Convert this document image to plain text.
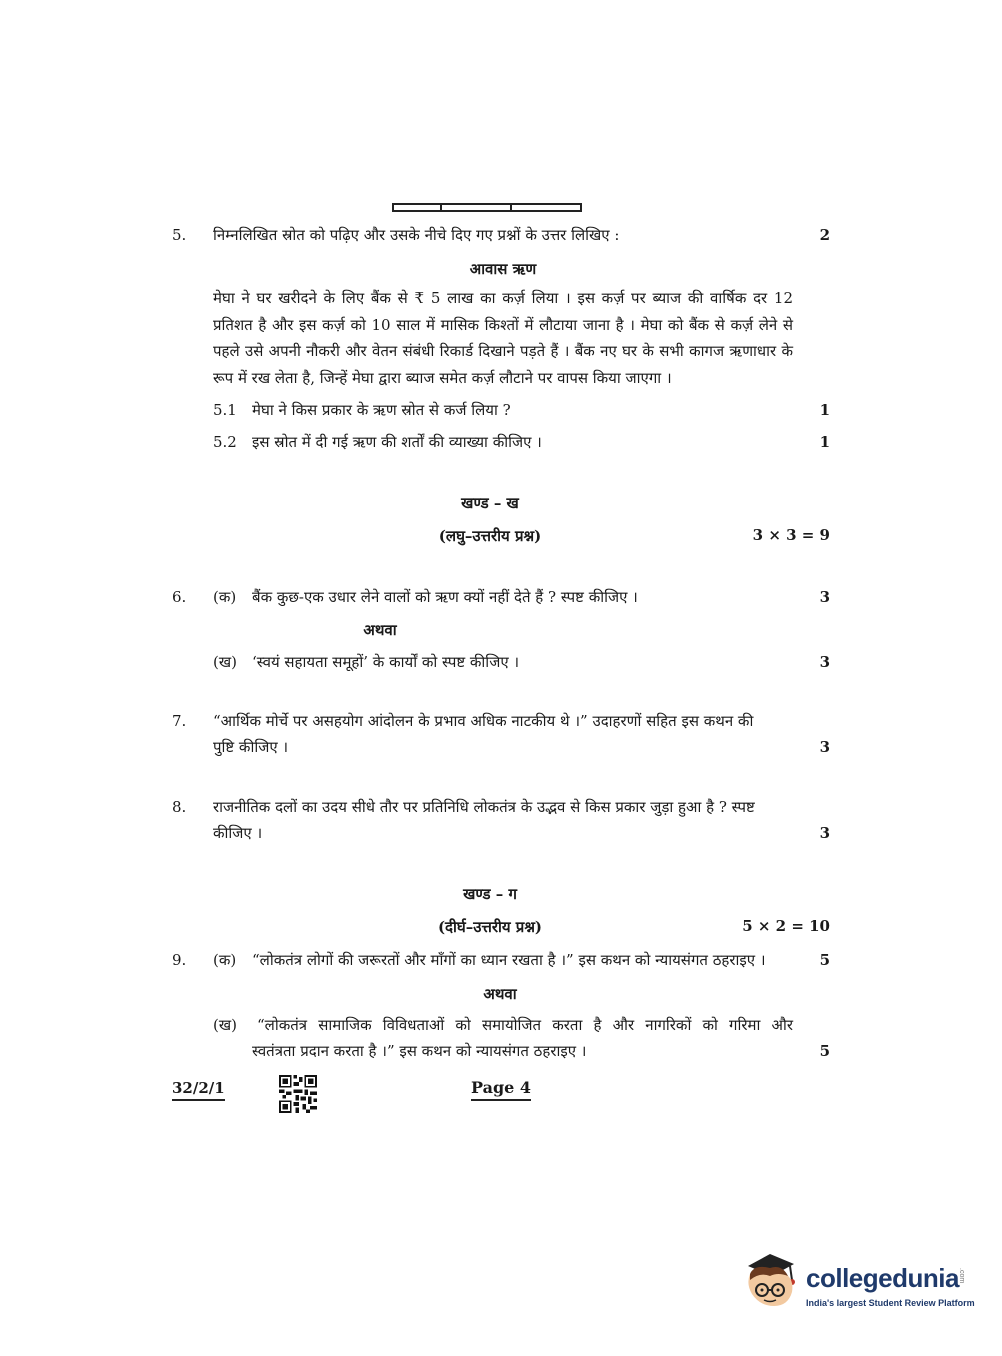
5. निम्नलिखित स्रोत को पढ़िए और उसके नीचे दिए गए प्रश्नों के उत्तर लिखिए :	2
आवास ऋण
मेघा ने घर खरीदने के लिए बैंक से ₹ 5 लाख का कर्ज़ लिया । इस कर्ज़ पर ब्याज की वार्षिक दर 12 प्रतिशत है और इस कर्ज़ को 10 साल में मासिक किश्तों में लौटाया जाना है । मेघा को बैंक से कर्ज़ लेने से पहले उसे अपनी नौकरी और वेतन संबंधी रिकार्ड दिखाने पड़ते हैं । बैंक नए घर के सभी कागज ऋणाधार के रूप में रख लेता है, जिन्हें मेघा द्वारा ब्याज समेत कर्ज़ लौटाने पर वापस किया जाएगा ।
5.1 मेघा ने किस प्रकार के ऋण स्रोत से कर्ज लिया ?	1
5.2 इस स्रोत में दी गई ऋण की शर्तों की व्याख्या कीजिए ।	1
खण्ड – ख
(लघु–उत्तरीय प्रश्न)	3 × 3 = 9
6. (क) बैंक कुछ-एक उधार लेने वालों को ऋण क्यों नहीं देते हैं ? स्पष्ट कीजिए ।	3
अथवा
(ख) ‘स्वयं सहायता समूहों’ के कार्यों को स्पष्ट कीजिए ।	3
7. “आर्थिक मोर्चे पर असहयोग आंदोलन के प्रभाव अधिक नाटकीय थे ।” उदाहरणों सहित इस कथन की
पुष्टि कीजिए ।	3
8. राजनीतिक दलों का उदय सीधे तौर पर प्रतिनिधि लोकतंत्र के उद्भव से किस प्रकार जुड़ा हुआ है ? स्पष्ट
कीजिए ।	3
खण्ड – ग
(दीर्घ–उत्तरीय प्रश्न)	5 × 2 = 10
9. (क) “लोकतंत्र लोगों की जरूरतों और माँगों का ध्यान रखता है ।” इस कथन को न्यायसंगत ठहराइए ।	5
अथवा
(ख) “लोकतंत्र सामाजिक विविधताओं को समायोजित करता है और नागरिकों को गरिमा और
स्वतंत्रता प्रदान करता है ।” इस कथन को न्यायसंगत ठहराइए ।	5
32/2/1	Page 4
collegedunia .com
India's largest Student Review Platform
